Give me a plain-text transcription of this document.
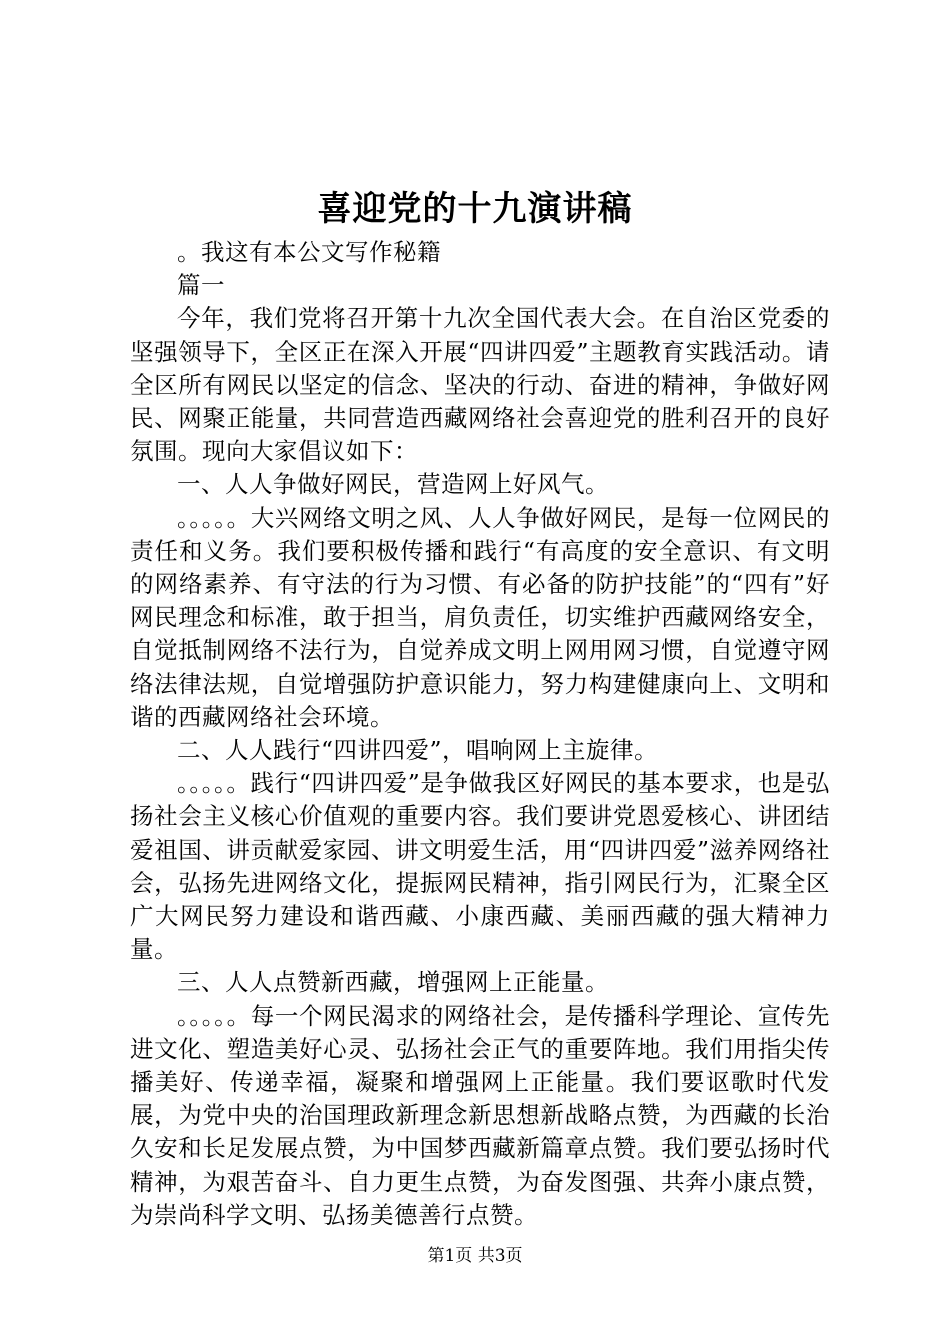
喜迎党的十九演讲稿

。我这有本公文写作秘籍

篇一

今年，我们党将召开第十九次全国代表大会。在自治区党委的坚强领导下，全区正在深入开展“四讲四爱”主题教育实践活动。请全区所有网民以坚定的信念、坚决的行动、奋进的精神，争做好网民、网聚正能量，共同营造西藏网络社会喜迎党的胜利召开的良好氛围。现向大家倡议如下：

一、人人争做好网民，营造网上好风气。

。。。。。大兴网络文明之风、人人争做好网民，是每一位网民的责任和义务。我们要积极传播和践行“有高度的安全意识、有文明的网络素养、有守法的行为习惯、有必备的防护技能”的“四有”好网民理念和标准，敢于担当，肩负责任，切实维护西藏网络安全，自觉抵制网络不法行为，自觉养成文明上网用网习惯，自觉遵守网络法律法规，自觉增强防护意识能力，努力构建健康向上、文明和谐的西藏网络社会环境。

二、人人践行“四讲四爱”，唱响网上主旋律。

。。。。。践行“四讲四爱”是争做我区好网民的基本要求，也是弘扬社会主义核心价值观的重要内容。我们要讲党恩爱核心、讲团结爱祖国、讲贡献爱家园、讲文明爱生活，用“四讲四爱”滋养网络社会，弘扬先进网络文化，提振网民精神，指引网民行为，汇聚全区广大网民努力建设和谐西藏、小康西藏、美丽西藏的强大精神力量。

三、人人点赞新西藏，增强网上正能量。

。。。。。每一个网民渴求的网络社会，是传播科学理论、宣传先进文化、塑造美好心灵、弘扬社会正气的重要阵地。我们用指尖传播美好、传递幸福，凝聚和增强网上正能量。我们要讴歌时代发展，为党中央的治国理政新理念新思想新战略点赞，为西藏的长治久安和长足发展点赞，为中国梦西藏新篇章点赞。我们要弘扬时代精神，为艰苦奋斗、自力更生点赞，为奋发图强、共奔小康点赞，为崇尚科学文明、弘扬美德善行点赞。

第1页 共3页
